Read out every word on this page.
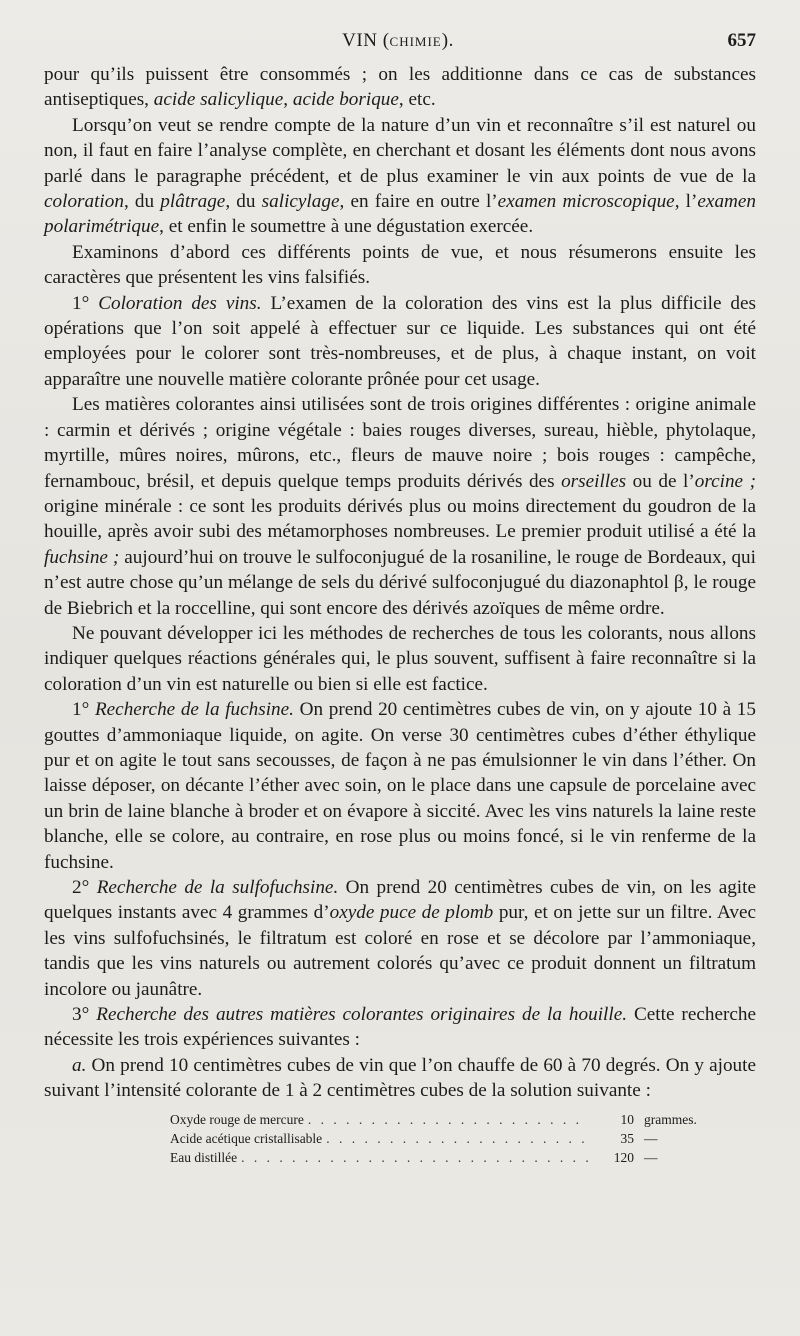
VIN (CHIMIE).	657

pour qu’ils puissent être consommés ; on les additionne dans ce cas de substances antiseptiques, acide salicylique, acide borique, etc.

Lorsqu’on veut se rendre compte de la nature d’un vin et reconnaître s’il est naturel ou non, il faut en faire l’analyse complète, en cherchant et dosant les éléments dont nous avons parlé dans le paragraphe précédent, et de plus examiner le vin aux points de vue de la coloration, du plâtrage, du salicylage, en faire en outre l’examen microscopique, l’examen polarimétrique, et enfin le soumettre à une dégustation exercée.

Examinons d’abord ces différents points de vue, et nous résumerons ensuite les caractères que présentent les vins falsifiés.

1° Coloration des vins. L’examen de la coloration des vins est la plus difficile des opérations que l’on soit appelé à effectuer sur ce liquide. Les substances qui ont été employées pour le colorer sont très-nombreuses, et de plus, à chaque instant, on voit apparaître une nouvelle matière colorante prônée pour cet usage.

Les matières colorantes ainsi utilisées sont de trois origines différentes : origine animale : carmin et dérivés ; origine végétale : baies rouges diverses, sureau, hièble, phytolaque, myrtille, mûres noires, mûrons, etc., fleurs de mauve noire ; bois rouges : campêche, fernambouc, brésil, et depuis quelque temps produits dérivés des orseilles ou de l’orcine ; origine minérale : ce sont les produits dérivés plus ou moins directement du goudron de la houille, après avoir subi des métamorphoses nombreuses. Le premier produit utilisé a été la fuchsine ; aujourd’hui on trouve le sulfoconjugué de la rosaniline, le rouge de Bordeaux, qui n’est autre chose qu’un mélange de sels du dérivé sulfoconjugué du diazonaphtol β, le rouge de Biebrich et la roccelline, qui sont encore des dérivés azoïques de même ordre.

Ne pouvant développer ici les méthodes de recherches de tous les colorants, nous allons indiquer quelques réactions générales qui, le plus souvent, suffisent à faire reconnaître si la coloration d’un vin est naturelle ou bien si elle est factice.

1° Recherche de la fuchsine. On prend 20 centimètres cubes de vin, on y ajoute 10 à 15 gouttes d’ammoniaque liquide, on agite. On verse 30 centimètres cubes d’éther éthylique pur et on agite le tout sans secousses, de façon à ne pas émulsionner le vin dans l’éther. On laisse déposer, on décante l’éther avec soin, on le place dans une capsule de porcelaine avec un brin de laine blanche à broder et on évapore à siccité. Avec les vins naturels la laine reste blanche, elle se colore, au contraire, en rose plus ou moins foncé, si le vin renferme de la fuchsine.

2° Recherche de la sulfofuchsine. On prend 20 centimètres cubes de vin, on les agite quelques instants avec 4 grammes d’oxyde puce de plomb pur, et on jette sur un filtre. Avec les vins sulfofuchsinés, le filtratum est coloré en rose et se décolore par l’ammoniaque, tandis que les vins naturels ou autrement colorés qu’avec ce produit donnent un filtratum incolore ou jaunâtre.

3° Recherche des autres matières colorantes originaires de la houille. Cette recherche nécessite les trois expériences suivantes :

a. On prend 10 centimètres cubes de vin que l’on chauffe de 60 à 70 degrés. On y ajoute suivant l’intensité colorante de 1 à 2 centimètres cubes de la solution suivante :

Oxyde rouge de mercure . . .	10 grammes.
Acide acétique cristallisable . . .	35 —
Eau distillée . . .	120 —
